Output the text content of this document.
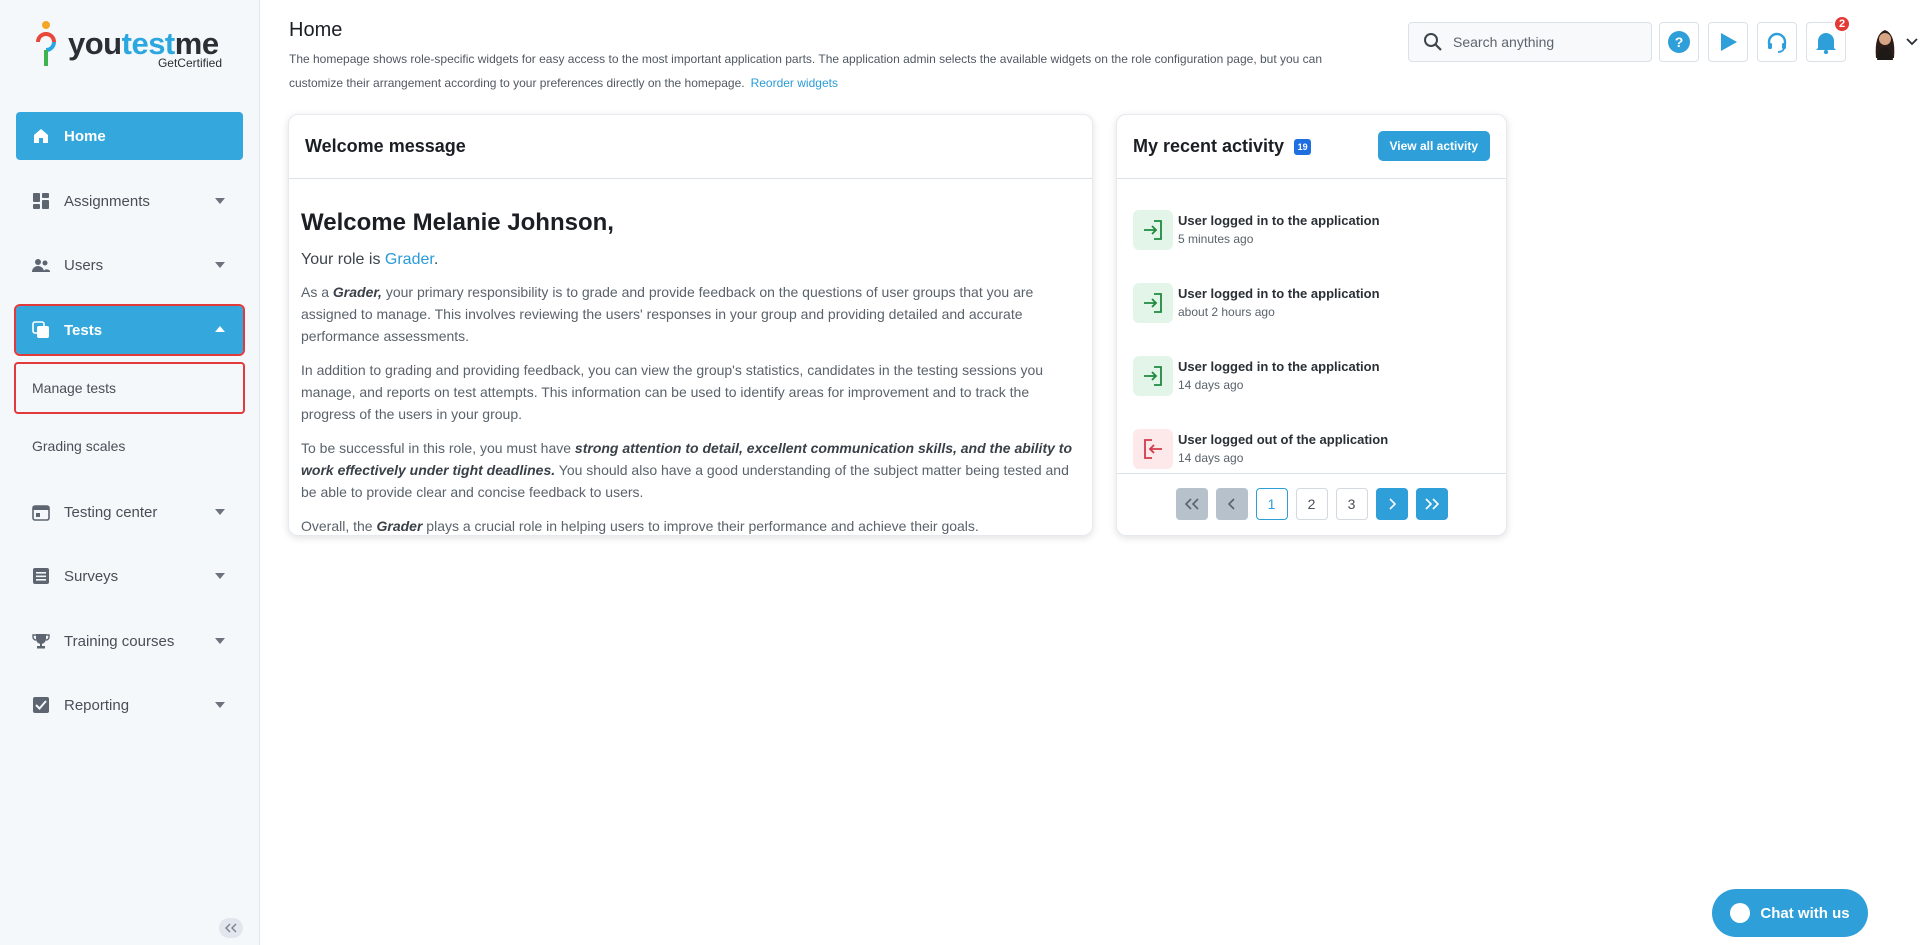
youtestme
GetCertified
Home
Assignments
Users
Tests
Manage tests
Grading scales
Testing center
Surveys
Training courses
Reporting
Home
The homepage shows role-specific widgets for easy access to the most important application parts. The application admin selects the available widgets on the role configuration page, but you can customize their arrangement according to your preferences directly on the homepage. Reorder widgets
Search anything
?
2
Welcome message
Welcome Melanie Johnson,
Your role is Grader.

As a Grader, your primary responsibility is to grade and provide feedback on the questions of user groups that you are assigned to manage. This involves reviewing the users' responses in your group and providing detailed and accurate performance assessments.

In addition to grading and providing feedback, you can view the group's statistics, candidates in the testing sessions you manage, and reports on test attempts. This information can be used to identify areas for improvement and to track the progress of the users in your group.

To be successful in this role, you must have strong attention to detail, excellent communication skills, and the ability to work effectively under tight deadlines. You should also have a good understanding of the subject matter being tested and be able to provide clear and concise feedback to users.

Overall, the Grader plays a crucial role in helping users to improve their performance and achieve their goals.

My recent activity	19	View all activity
User logged in to the application
5 minutes ago
User logged in to the application
about 2 hours ago
User logged in to the application
14 days ago
User logged out of the application
14 days ago
1	2	3
Chat with us
